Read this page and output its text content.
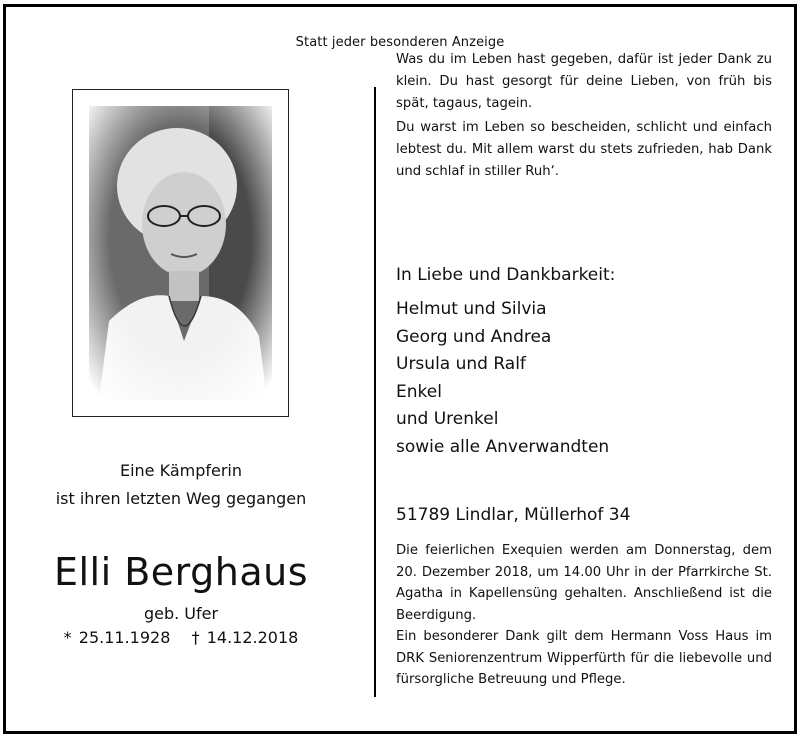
Statt jeder besonderen Anzeige
Eine Kämpferin
ist ihren letzten Weg gegangen
Elli Berghaus
geb. Ufer
* 25.11.1928   † 14.12.2018

Was du im Leben hast gegeben, dafür ist jeder Dank zu klein. Du hast gesorgt für deine Lieben, von früh bis spät, tagaus, tagein.

Du warst im Leben so bescheiden, schlicht und einfach lebtest du. Mit allem warst du stets zufrieden, hab Dank und schlaf in stiller Ruh‘.

In Liebe und Dankbarkeit:
Helmut und Silvia
Georg und Andrea
Ursula und Ralf
Enkel
und Urenkel
sowie alle Anverwandten
51789 Lindlar, Müllerhof 34

Die feierlichen Exequien werden am Donnerstag, dem 20. Dezember 2018, um 14.00 Uhr in der Pfarrkirche St. Agatha in Kapellensüng gehalten. Anschließend ist die Beerdigung.

Ein besonderer Dank gilt dem Hermann Voss Haus im DRK Seniorenzentrum Wipperfürth für die liebevolle und fürsorgliche Betreuung und Pflege.
